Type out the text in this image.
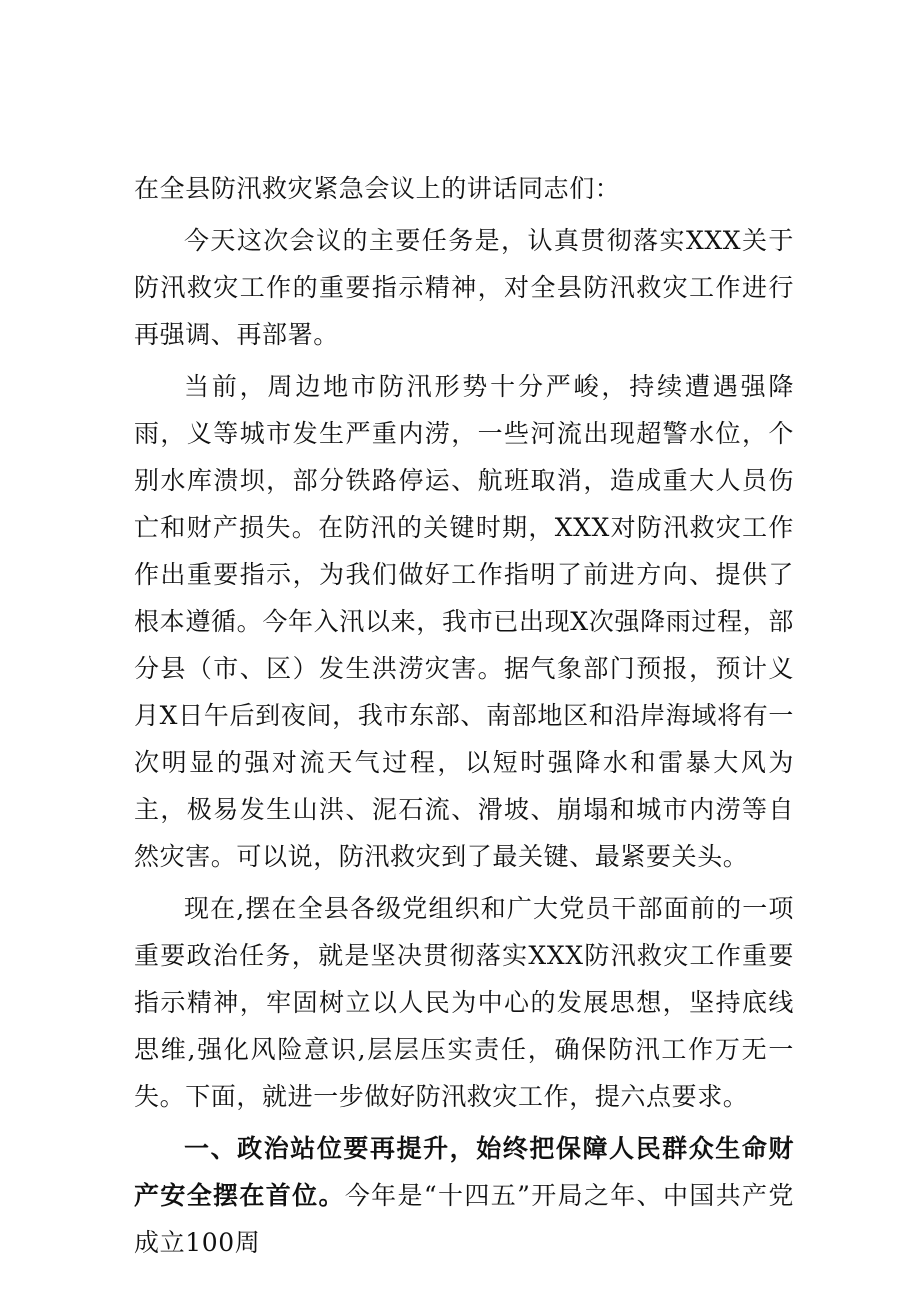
在全县防汛救灾紧急会议上的讲话同志们：

今天这次会议的主要任务是，认真贯彻落实XXX关于防汛救灾工作的重要指示精神，对全县防汛救灾工作进行再强调、再部署。

当前，周边地市防汛形势十分严峻，持续遭遇强降雨，义等城市发生严重内涝，一些河流出现超警水位，个别水库溃坝，部分铁路停运、航班取消，造成重大人员伤亡和财产损失。在防汛的关键时期，XXX对防汛救灾工作作出重要指示，为我们做好工作指明了前进方向、提供了根本遵循。今年入汛以来，我市已出现X次强降雨过程，部分县（市、区）发生洪涝灾害。据气象部门预报，预计义月X日午后到夜间，我市东部、南部地区和沿岸海域将有一次明显的强对流天气过程，以短时强降水和雷暴大风为主，极易发生山洪、泥石流、滑坡、崩塌和城市内涝等自然灾害。可以说，防汛救灾到了最关键、最紧要关头。

现在,摆在全县各级党组织和广大党员干部面前的一项重要政治任务，就是坚决贯彻落实XXX防汛救灾工作重要指示精神，牢固树立以人民为中心的发展思想，坚持底线思维,强化风险意识,层层压实责任，确保防汛工作万无一失。下面，就进一步做好防汛救灾工作，提六点要求。

一、政治站位要再提升，始终把保障人民群众生命财产安全摆在首位。今年是“十四五”开局之年、中国共产党成立100周
